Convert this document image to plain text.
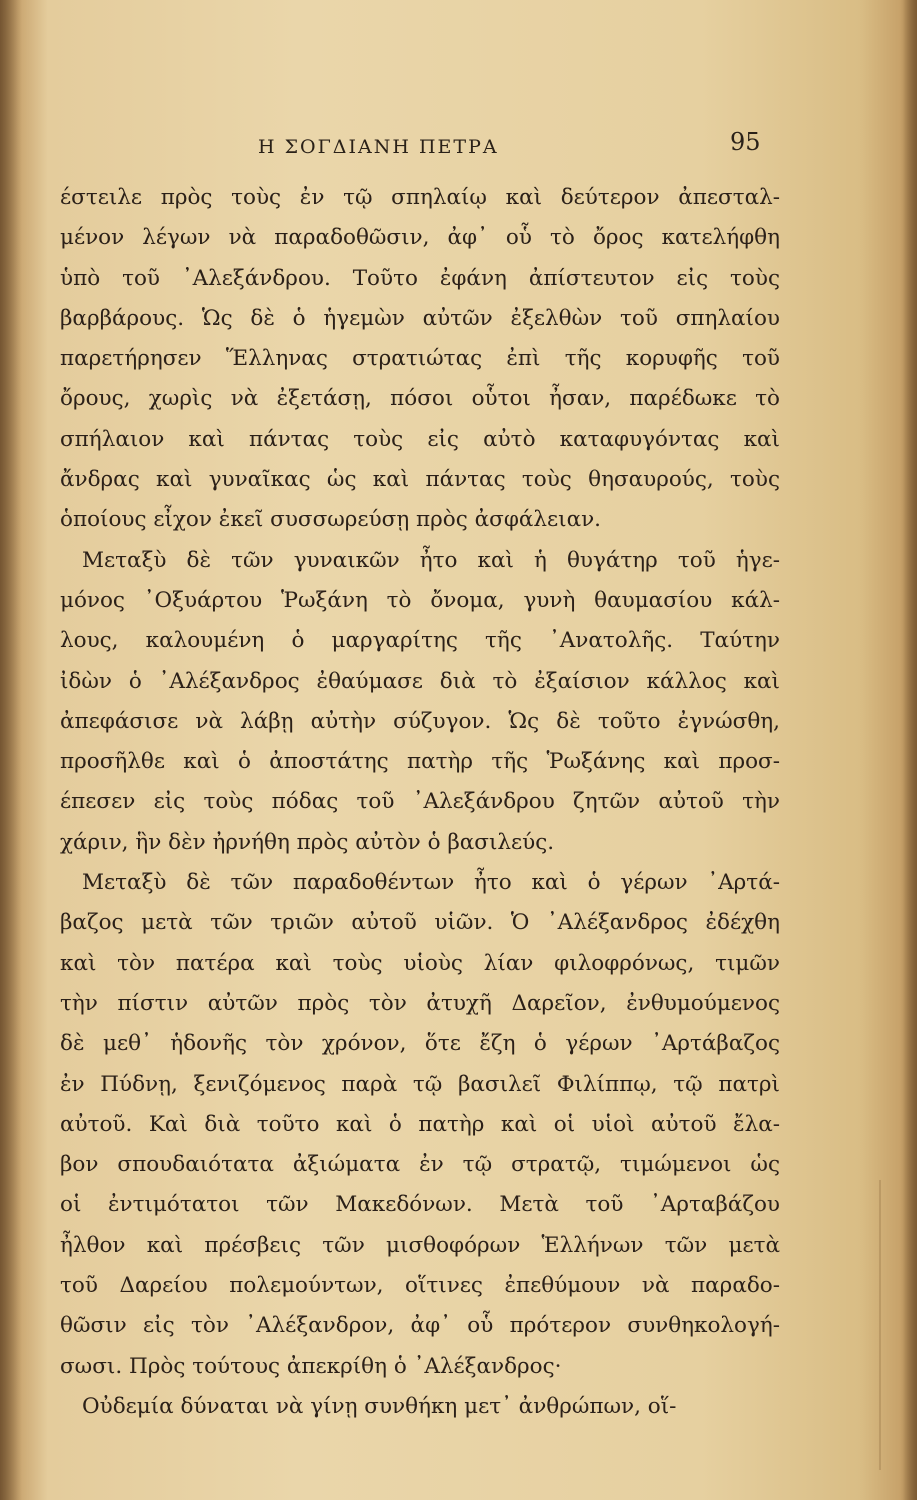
Η ΣΟΓΔΙΑΝΗ ΠΕΤΡΑ	95
έστειλε πρὸς τοὺς ἐν τῷ σπηλαίῳ καὶ δεύτερον ἀπεσταλ-
μένον λέγων νὰ παραδοθῶσιν, ἀφ᾽ οὗ τὸ ὄρος κατελήφθη
ὑπὸ τοῦ ᾿Αλεξάνδρου. Τοῦτο ἐφάνη ἀπίστευτον εἰς τοὺς
βαρβάρους. Ὡς δὲ ὁ ἡγεμὼν αὐτῶν ἐξελθὼν τοῦ σπηλαίου
παρετήρησεν Ἕλληνας στρατιώτας ἐπὶ τῆς κορυφῆς τοῦ
ὄρους, χωρὶς νὰ ἐξετάσῃ, πόσοι οὗτοι ἦσαν, παρέδωκε τὸ
σπήλαιον καὶ πάντας τοὺς εἰς αὐτὸ καταφυγόντας καὶ
ἄνδρας καὶ γυναῖκας ὡς καὶ πάντας τοὺς θησαυρούς, τοὺς
ὁποίους εἶχον ἐκεῖ συσσωρεύσῃ πρὸς ἀσφάλειαν.
Μεταξὺ δὲ τῶν γυναικῶν ἦτο καὶ ἡ θυγάτηρ τοῦ ἡγε-
μόνος ᾿Οξυάρτου Ῥωξάνη τὸ ὄνομα, γυνὴ θαυμασίου κάλ-
λους, καλουμένη ὁ μαργαρίτης τῆς ᾿Ανατολῆς. Ταύτην
ἰδὼν ὁ ᾿Αλέξανδρος ἐθαύμασε διὰ τὸ ἐξαίσιον κάλλος καὶ
ἀπεφάσισε νὰ λάβῃ αὐτὴν σύζυγον. Ὡς δὲ τοῦτο ἐγνώσθη,
προσῆλθε καὶ ὁ ἀποστάτης πατὴρ τῆς Ῥωξάνης καὶ προσ-
έπεσεν εἰς τοὺς πόδας τοῦ ᾿Αλεξάνδρου ζητῶν αὐτοῦ τὴν
χάριν, ἣν δὲν ἠρνήθη πρὸς αὐτὸν ὁ βασιλεύς.
Μεταξὺ δὲ τῶν παραδοθέντων ἦτο καὶ ὁ γέρων ᾿Αρτά-
βαζος μετὰ τῶν τριῶν αὐτοῦ υἱῶν. Ὁ ᾿Αλέξανδρος ἐδέχθη
καὶ τὸν πατέρα καὶ τοὺς υἱοὺς λίαν φιλοφρόνως, τιμῶν
τὴν πίστιν αὐτῶν πρὸς τὸν ἀτυχῆ Δαρεῖον, ἐνθυμούμενος
δὲ μεθ᾽ ἡδονῆς τὸν χρόνον, ὅτε ἔζη ὁ γέρων ᾿Αρτάβαζος
ἐν Πύδνῃ, ξενιζόμενος παρὰ τῷ βασιλεῖ Φιλίππῳ, τῷ πατρὶ
αὐτοῦ. Καὶ διὰ τοῦτο καὶ ὁ πατὴρ καὶ οἱ υἱοὶ αὐτοῦ ἔλα-
βον σπουδαιότατα ἀξιώματα ἐν τῷ στρατῷ, τιμώμενοι ὡς
οἱ ἐντιμότατοι τῶν Μακεδόνων. Μετὰ τοῦ ᾿Αρταβάζου
ἦλθον καὶ πρέσβεις τῶν μισθοφόρων Ἑλλήνων τῶν μετὰ
τοῦ Δαρείου πολεμούντων, οἵτινες ἐπεθύμουν νὰ παραδο-
θῶσιν εἰς τὸν ᾿Αλέξανδρον, ἀφ᾽ οὗ πρότερον συνθηκολογή-
σωσι. Πρὸς τούτους ἀπεκρίθη ὁ ᾿Αλέξανδρος·
Οὐδεμία δύναται νὰ γίνῃ συνθήκη μετ᾽ ἀνθρώπων, οἵ-
